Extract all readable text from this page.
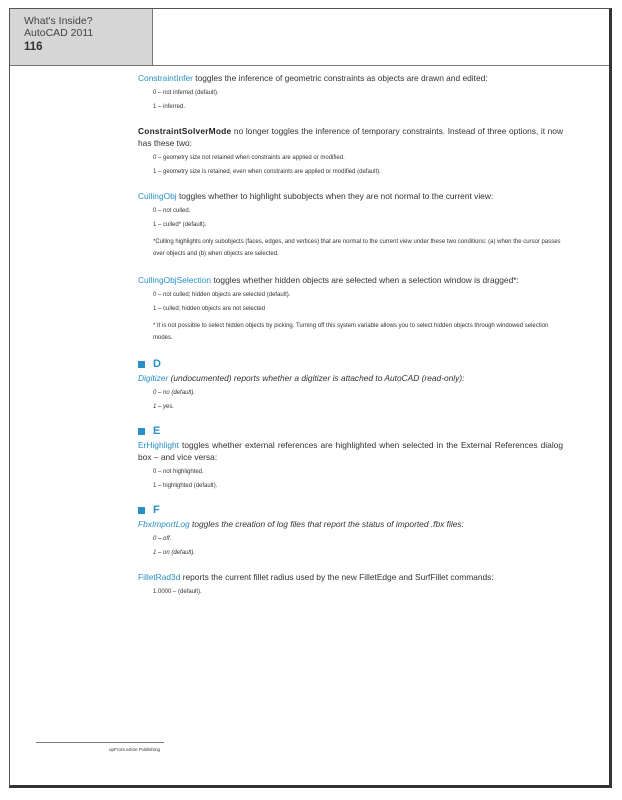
What's Inside?
AutoCAD 2011
116
upFront.eZine Publishing

ConstraintInfer toggles the inference of geometric constraints as objects are drawn and edited:

0 – not inferred (default).
1 – inferred.

ConstraintSolverMode no longer toggles the inference of temporary constraints. Instead of three options, it now has these two:

0 – geometry size not retained when constraints are applied or modified.
1 – geometry size is retained, even when constraints are applied or modified (default).

CullingObj toggles whether to highlight subobjects when they are not normal to the current view:

0 – not culled.
1 – culled* (default).
*Culling highlights only subobjects (faces, edges, and vertices) that are normal to the current view under these two conditions: (a) when the cursor passes over objects and (b) when objects are selected.

CullingObjSelection toggles whether hidden objects are selected when a selection window is dragged*:

0 – not culled; hidden objects are selected (default).
1 – culled; hidden objects are not selected
* It is not possible to select hidden objects by picking. Turning off this system variable allows you to select hidden objects through windowed selection modes.
D

Digitizer (undocumented) reports whether a digitizer is attached to AutoCAD (read-only):

0 – no (default).
1 – yes.
E

ErHighlight toggles whether external references are highlighted when selected in the External References dialog box – and vice versa:

0 – not highlighted.
1 – highlighted (default).
F

FbxImportLog toggles the creation of log files that report the status of imported .fbx files:

0 – off.
1 – on (default).

FilletRad3d reports the current fillet radius used by the new FilletEdge and SurfFillet commands:

1.0000 – (default).
